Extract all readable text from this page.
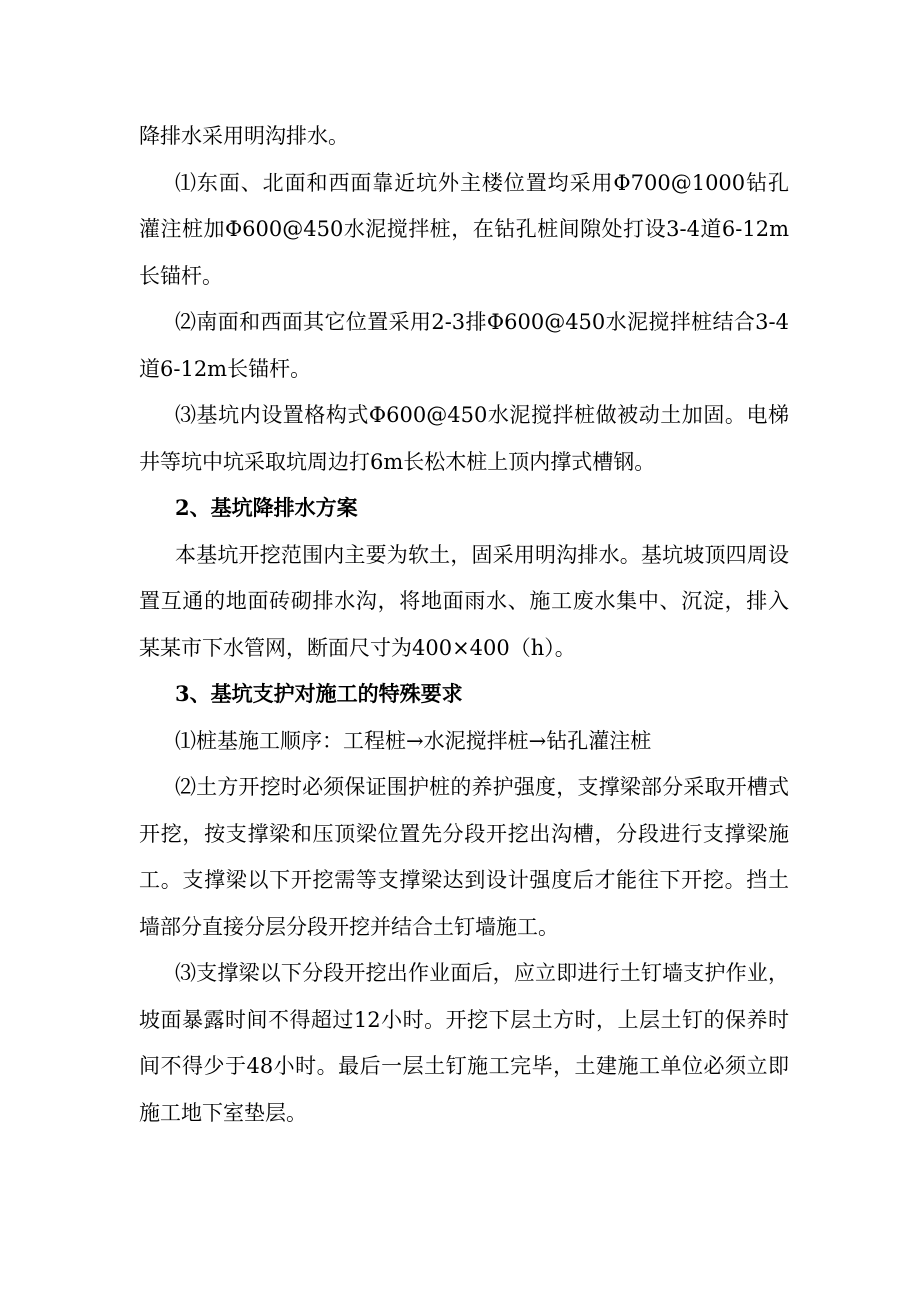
降排水采用明沟排水。

⑴东面、北面和西面靠近坑外主楼位置均采用Φ700@1000钻孔灌注桩加Φ600@450水泥搅拌桩，在钻孔桩间隙处打设3-4道6-12m长锚杆。

⑵南面和西面其它位置采用2-3排Φ600@450水泥搅拌桩结合3-4道6-12m长锚杆。

⑶基坑内设置格构式Φ600@450水泥搅拌桩做被动土加固。电梯井等坑中坑采取坑周边打6m长松木桩上顶内撑式槽钢。

2、基坑降排水方案

本基坑开挖范围内主要为软土，固采用明沟排水。基坑坡顶四周设置互通的地面砖砌排水沟，将地面雨水、施工废水集中、沉淀，排入某某市下水管网，断面尺寸为400×400（h）。

3、基坑支护对施工的特殊要求

⑴桩基施工顺序：工程桩→水泥搅拌桩→钻孔灌注桩

⑵土方开挖时必须保证围护桩的养护强度，支撑梁部分采取开槽式开挖，按支撑梁和压顶梁位置先分段开挖出沟槽，分段进行支撑梁施工。支撑梁以下开挖需等支撑梁达到设计强度后才能往下开挖。挡土墙部分直接分层分段开挖并结合土钉墙施工。

⑶支撑梁以下分段开挖出作业面后，应立即进行土钉墙支护作业，坡面暴露时间不得超过12小时。开挖下层土方时，上层土钉的保养时间不得少于48小时。最后一层土钉施工完毕，土建施工单位必须立即施工地下室垫层。
